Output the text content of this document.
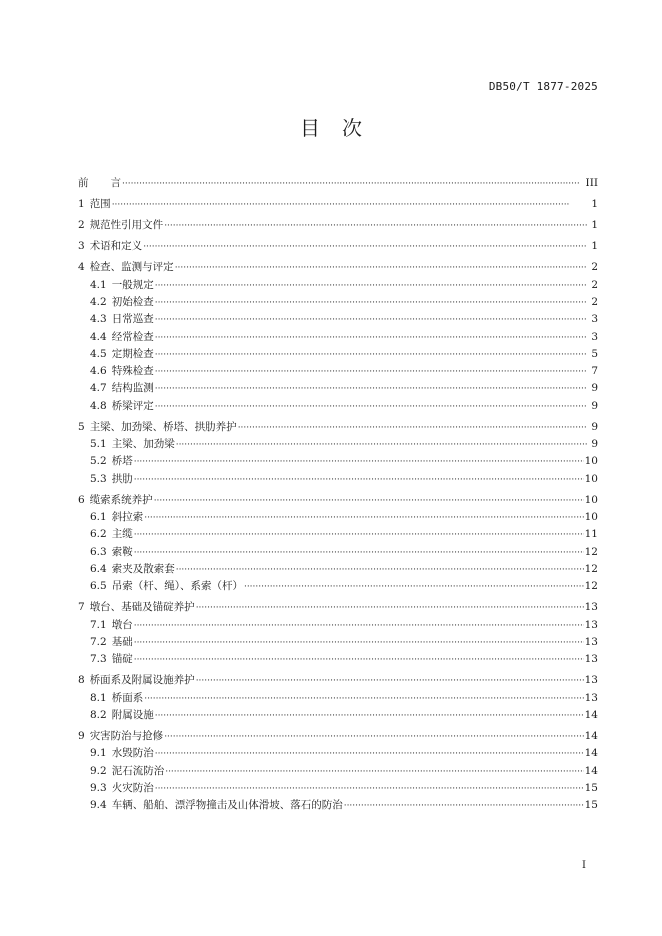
DB50/T 1877-2025
目 次
前 言 ·····	III
1 范围 ·····	1
2 规范性引用文件 ·····	1
3 术语和定义 ·····	1
4 检查、监测与评定 ·····	2
4.1 一般规定 ·····	2
4.2 初始检查 ·····	2
4.3 日常巡查 ·····	3
4.4 经常检查 ·····	3
4.5 定期检查 ·····	5
4.6 特殊检查 ·····	7
4.7 结构监测 ·····	9
4.8 桥梁评定 ·····	9
5 主梁、加劲梁、桥塔、拱肋养护 ·····	9
5.1 主梁、加劲梁 ·····	9
5.2 桥塔 ·····	10
5.3 拱肋 ·····	10
6 缆索系统养护 ·····	10
6.1 斜拉索 ·····	10
6.2 主缆 ·····	11
6.3 索鞍 ·····	12
6.4 索夹及散索套 ·····	12
6.5 吊索（杆、绳）、系索（杆） ·····	12
7 墩台、基础及锚碇养护 ·····	13
7.1 墩台 ·····	13
7.2 基础 ·····	13
7.3 锚碇 ·····	13
8 桥面系及附属设施养护 ·····	13
8.1 桥面系 ·····	13
8.2 附属设施 ·····	14
9 灾害防治与抢修 ·····	14
9.1 水毁防治 ·····	14
9.2 泥石流防治 ·····	14
9.3 火灾防治 ·····	15
9.4 车辆、船舶、漂浮物撞击及山体滑坡、落石的防治 ·····	15
I
